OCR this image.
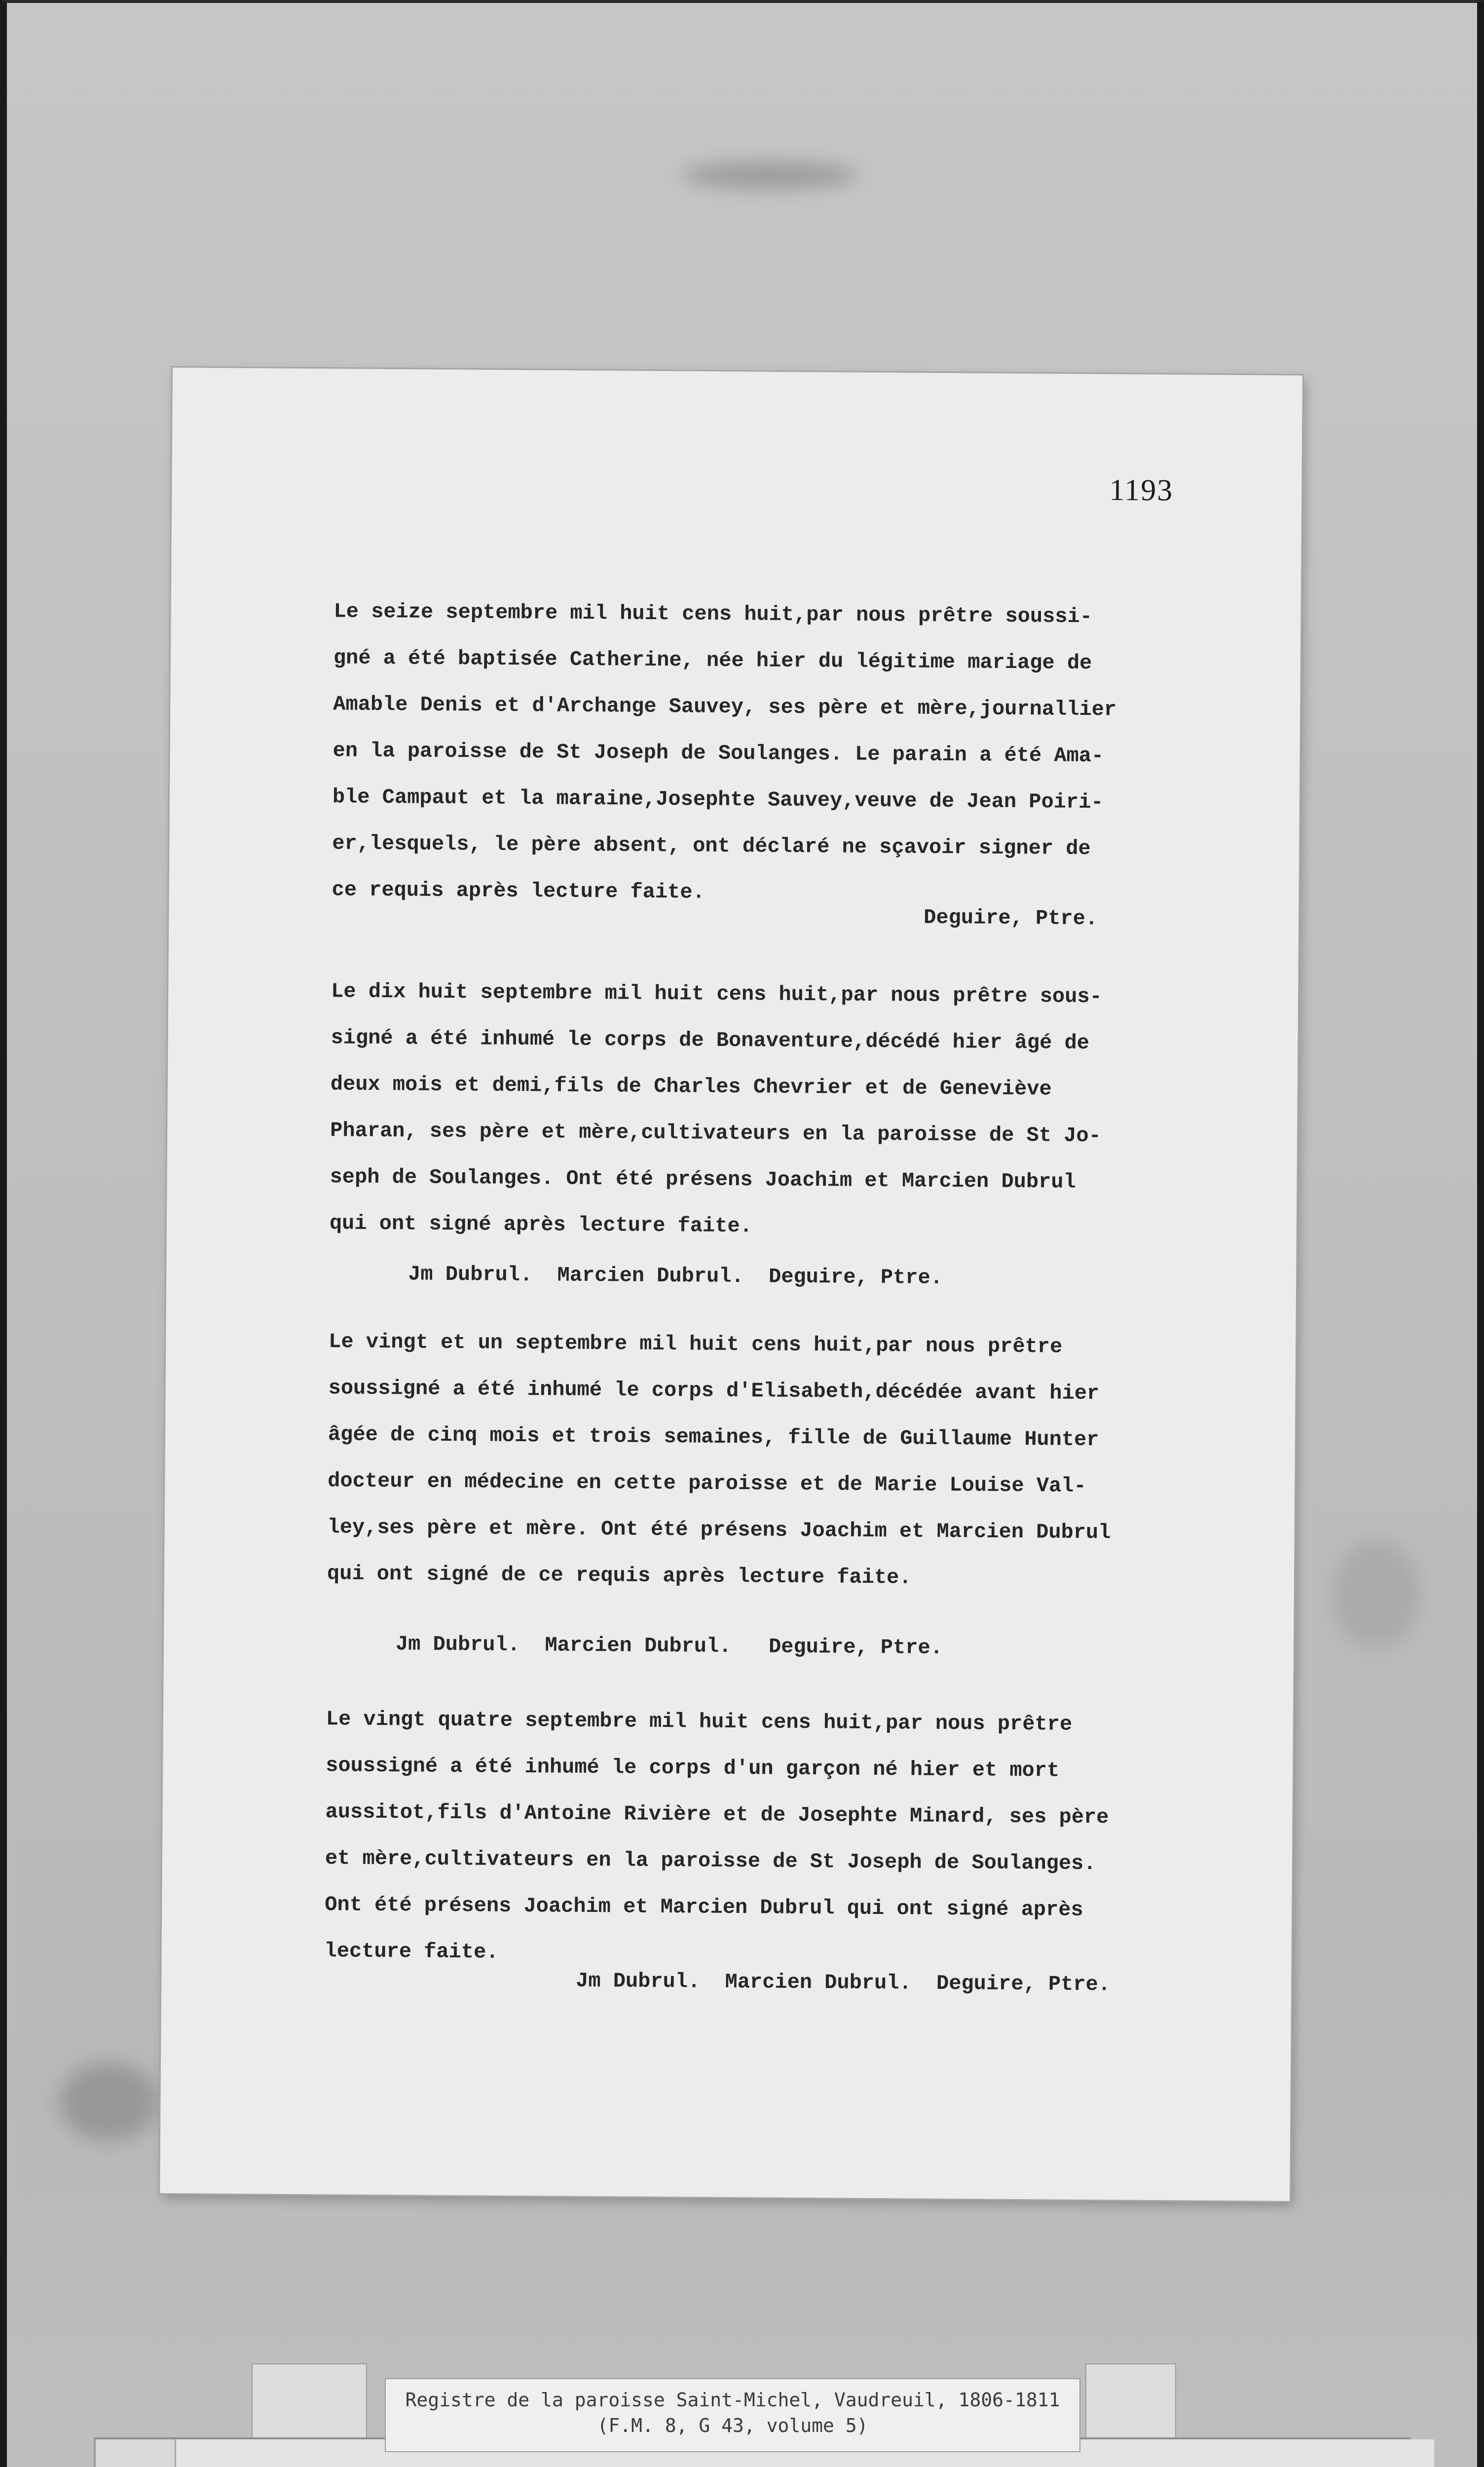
1193
Le seize septembre mil huit cens huit,par nous prêtre soussi-
gné a été baptisée Catherine, née hier du légitime mariage de
Amable Denis et d'Archange Sauvey, ses père et mère,journallier
en la paroisse de St Joseph de Soulanges. Le parain a été Ama-
ble Campaut et la maraine,Josephte Sauvey,veuve de Jean Poiri-
er,lesquels, le père absent, ont déclaré ne sçavoir signer de
ce requis après lecture faite.
Deguire, Ptre.
Le dix huit septembre mil huit cens huit,par nous prêtre sous-
signé a été inhumé le corps de Bonaventure,décédé hier âgé de
deux mois et demi,fils de Charles Chevrier et de Geneviève
Pharan, ses père et mère,cultivateurs en la paroisse de St Jo-
seph de Soulanges. Ont été présens Joachim et Marcien Dubrul
qui ont signé après lecture faite.
Jm Dubrul.  Marcien Dubrul.  Deguire, Ptre.
Le vingt et un septembre mil huit cens huit,par nous prêtre
soussigné a été inhumé le corps d'Elisabeth,décédée avant hier
âgée de cinq mois et trois semaines, fille de Guillaume Hunter
docteur en médecine en cette paroisse et de Marie Louise Val-
ley,ses père et mère. Ont été présens Joachim et Marcien Dubrul
qui ont signé de ce requis après lecture faite.
Jm Dubrul.  Marcien Dubrul.   Deguire, Ptre.
Le vingt quatre septembre mil huit cens huit,par nous prêtre
soussigné a été inhumé le corps d'un garçon né hier et mort
aussitot,fils d'Antoine Rivière et de Josephte Minard, ses père
et mère,cultivateurs en la paroisse de St Joseph de Soulanges.
Ont été présens Joachim et Marcien Dubrul qui ont signé après
lecture faite.
Jm Dubrul.  Marcien Dubrul.  Deguire, Ptre.
Registre de la paroisse Saint-Michel, Vaudreuil, 1806-1811
(F.M. 8, G 43, volume 5)
